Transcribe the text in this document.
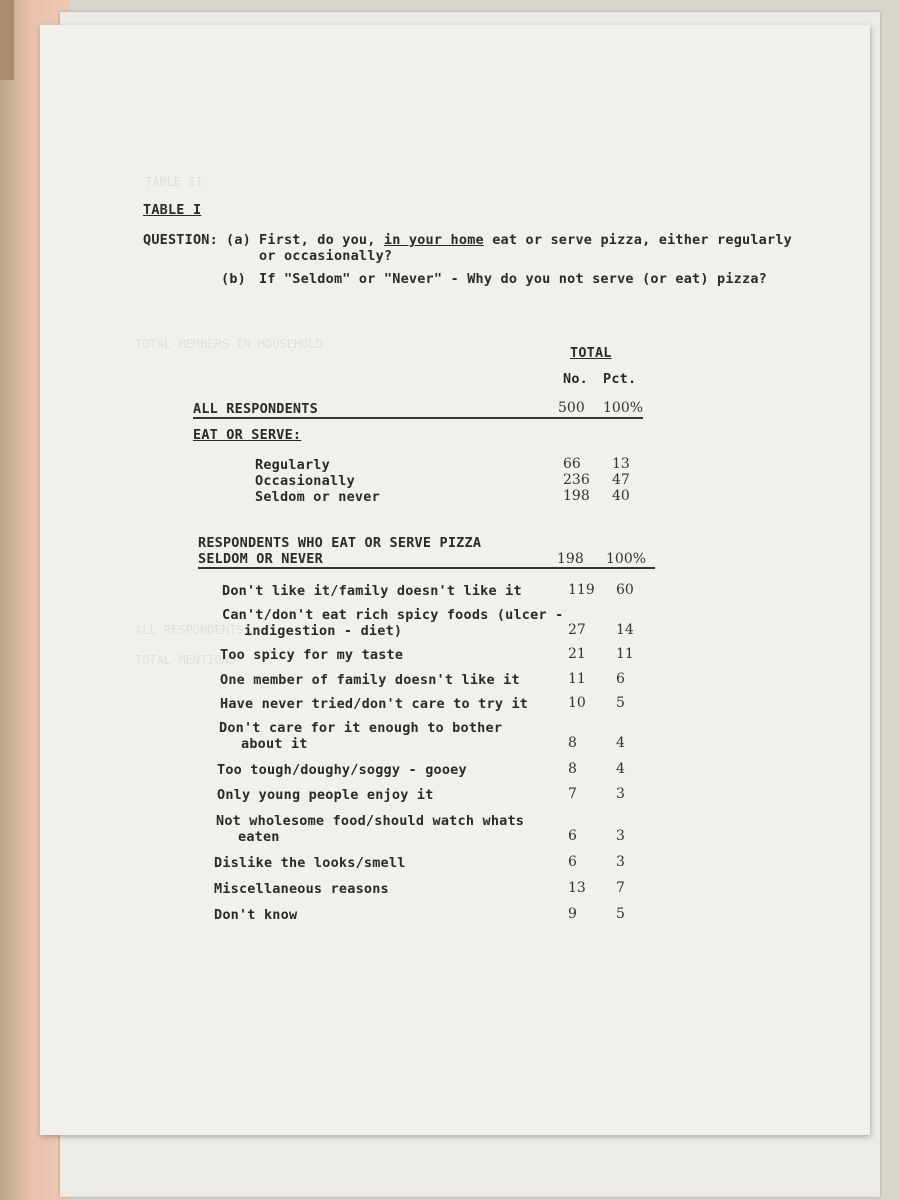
TABLE II
TOTAL MEMBERS IN HOUSEHOLD
ALL RESPONDENTS
TOTAL MENTIONS
TABLE I
QUESTION: (a) First, do you, in your home eat or serve pizza, either regularly
or occasionally?
(b) If "Seldom" or "Never" - Why do you not serve (or eat) pizza?
TOTAL
No. Pct.
ALL RESPONDENTS	500 100%
EAT OR SERVE:
Regularly	66 13
Occasionally	236 47
Seldom or never	198 40
RESPONDENTS WHO EAT OR SERVE PIZZA
SELDOM OR NEVER	198 100%
Don't like it/family doesn't like it	119 60
Can't/don't eat rich spicy foods (ulcer -
indigestion - diet)	27 14
Too spicy for my taste	21 11
One member of family doesn't like it	11 6
Have never tried/don't care to try it	10 5
Don't care for it enough to bother
about it	8	4
Too tough/doughy/soggy - gooey	8	4
Only young people enjoy it	7	3
Not wholesome food/should watch whats
eaten	6	3
Dislike the looks/smell	6	3
Miscellaneous reasons	13 7
Don't know	9	5
